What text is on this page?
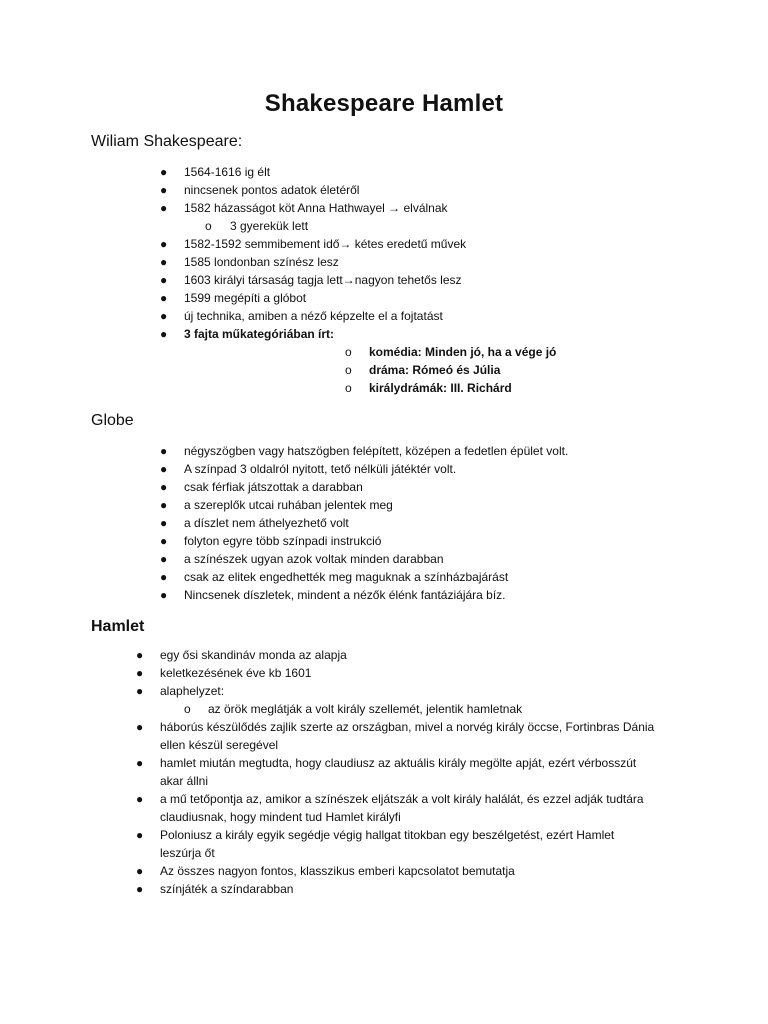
Shakespeare Hamlet
Wiliam Shakespeare:
● 1564-1616 ig élt
● nincsenek pontos adatok életéről
● 1582 házasságot köt Anna Hathwayel → elválnak
o 3 gyerekük lett
● 1582-1592 semmibement idő→ kétes eredetű művek
● 1585 londonban színész lesz
● 1603 királyi társaság tagja lett→nagyon tehetős lesz
● 1599 megépíti a glóbot
● új technika, amiben a néző képzelte el a fojtatást
● 3 fajta műkategóriában írt:
o komédia: Minden jó, ha a vége jó
o dráma: Rómeó és Júlia
o királydrámák: III. Richárd
Globe
● négyszögben vagy hatszögben felépített, középen a fedetlen épület volt.
● A színpad 3 oldalról nyitott, tető nélküli játéktér volt.
● csak férfiak játszottak a darabban
● a szereplők utcai ruhában jelentek meg
● a díszlet nem áthelyezhető volt
● folyton egyre több színpadi instrukció
● a színészek ugyan azok voltak minden darabban
● csak az elitek engedhették meg maguknak a színházbajárást
● Nincsenek díszletek, mindent a nézők élénk fantáziájára bíz.
Hamlet
● egy ősi skandináv monda az alapja
● keletkezésének éve kb 1601
● alaphelyzet:
o az örök meglátják a volt király szellemét, jelentik hamletnak
● háborús készülődés zajlik szerte az országban, mivel a norvég király öccse, Fortinbras Dánia ellen készül seregével
● hamlet miután megtudta, hogy claudiusz az aktuális király megölte apját, ezért vérbosszút akar állni
● a mű tetőpontja az, amikor a színészek eljátszák a volt király halálát, és ezzel adják tudtára claudiusnak, hogy mindent tud Hamlet királyfi
● Poloniusz a király egyik segédje végig hallgat titokban egy beszélgetést, ezért Hamlet leszúrja őt
● Az összes nagyon fontos, klasszikus emberi kapcsolatot bemutatja
● színjáték a színdarabban
